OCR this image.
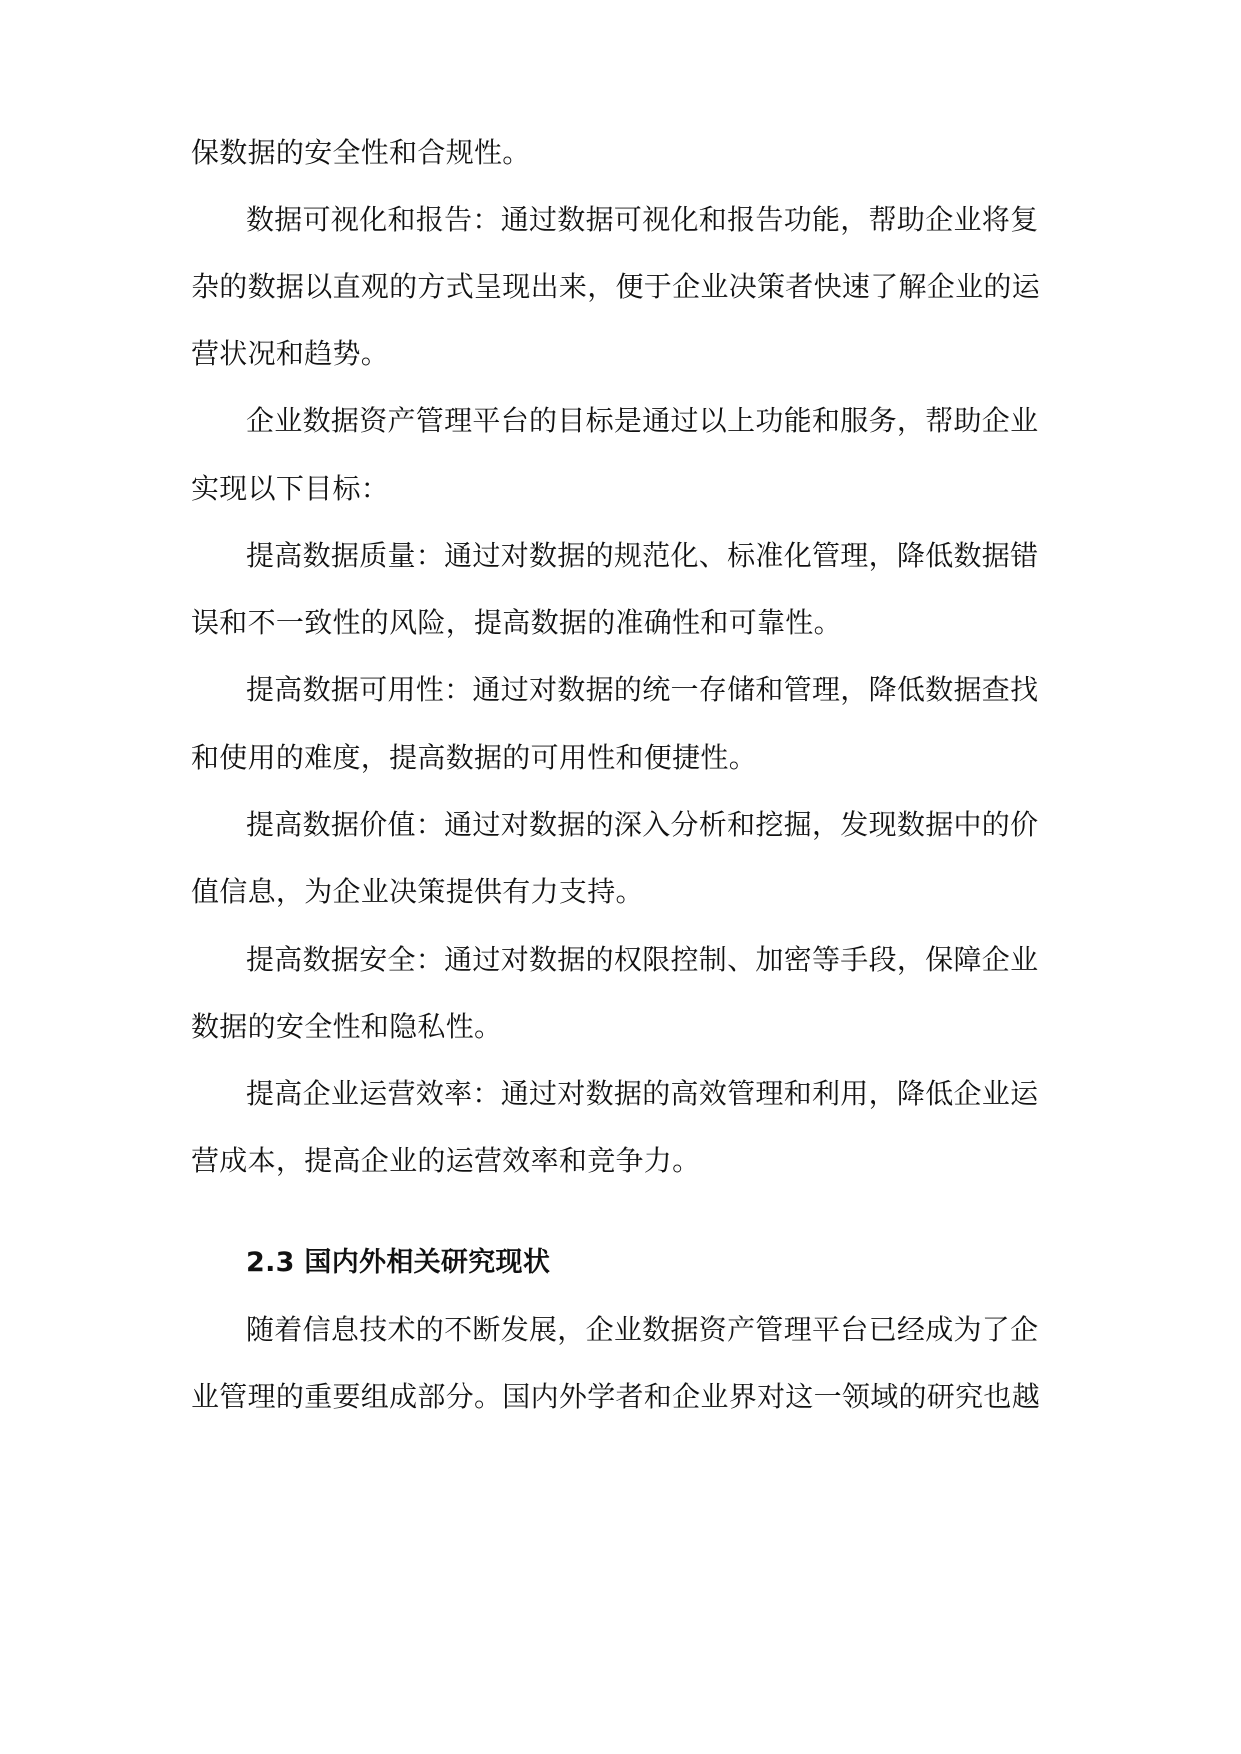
保数据的安全性和合规性。
数据可视化和报告：通过数据可视化和报告功能，帮助企业将复
杂的数据以直观的方式呈现出来，便于企业决策者快速了解企业的运
营状况和趋势。
企业数据资产管理平台的目标是通过以上功能和服务，帮助企业
实现以下目标：
提高数据质量：通过对数据的规范化、标准化管理，降低数据错
误和不一致性的风险，提高数据的准确性和可靠性。
提高数据可用性：通过对数据的统一存储和管理，降低数据查找
和使用的难度，提高数据的可用性和便捷性。
提高数据价值：通过对数据的深入分析和挖掘，发现数据中的价
值信息，为企业决策提供有力支持。
提高数据安全：通过对数据的权限控制、加密等手段，保障企业
数据的安全性和隐私性。
提高企业运营效率：通过对数据的高效管理和利用，降低企业运
营成本，提高企业的运营效率和竞争力。
2.3 国内外相关研究现状
随着信息技术的不断发展，企业数据资产管理平台已经成为了企
业管理的重要组成部分。国内外学者和企业界对这一领域的研究也越
